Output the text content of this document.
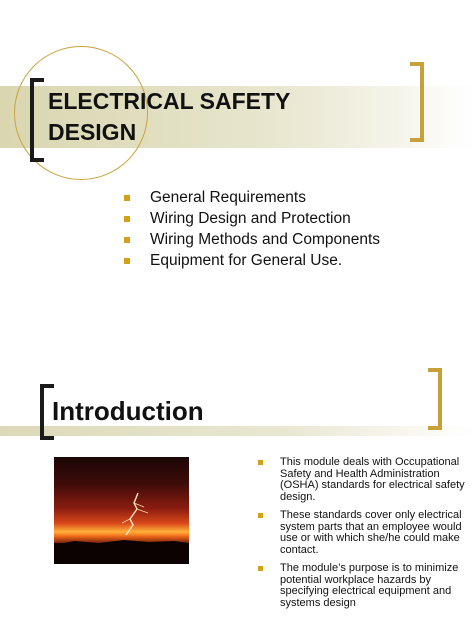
ELECTRICAL SAFETY DESIGN
General Requirements
Wiring Design and Protection
Wiring Methods and Components
Equipment for General Use.
Introduction
This module deals with Occupational Safety and Health Administration (OSHA) standards for electrical safety design.
These standards cover only electrical system parts that an employee would use or with which she/he could make contact.
The module’s purpose is to minimize potential workplace hazards by specifying electrical equipment and systems design
